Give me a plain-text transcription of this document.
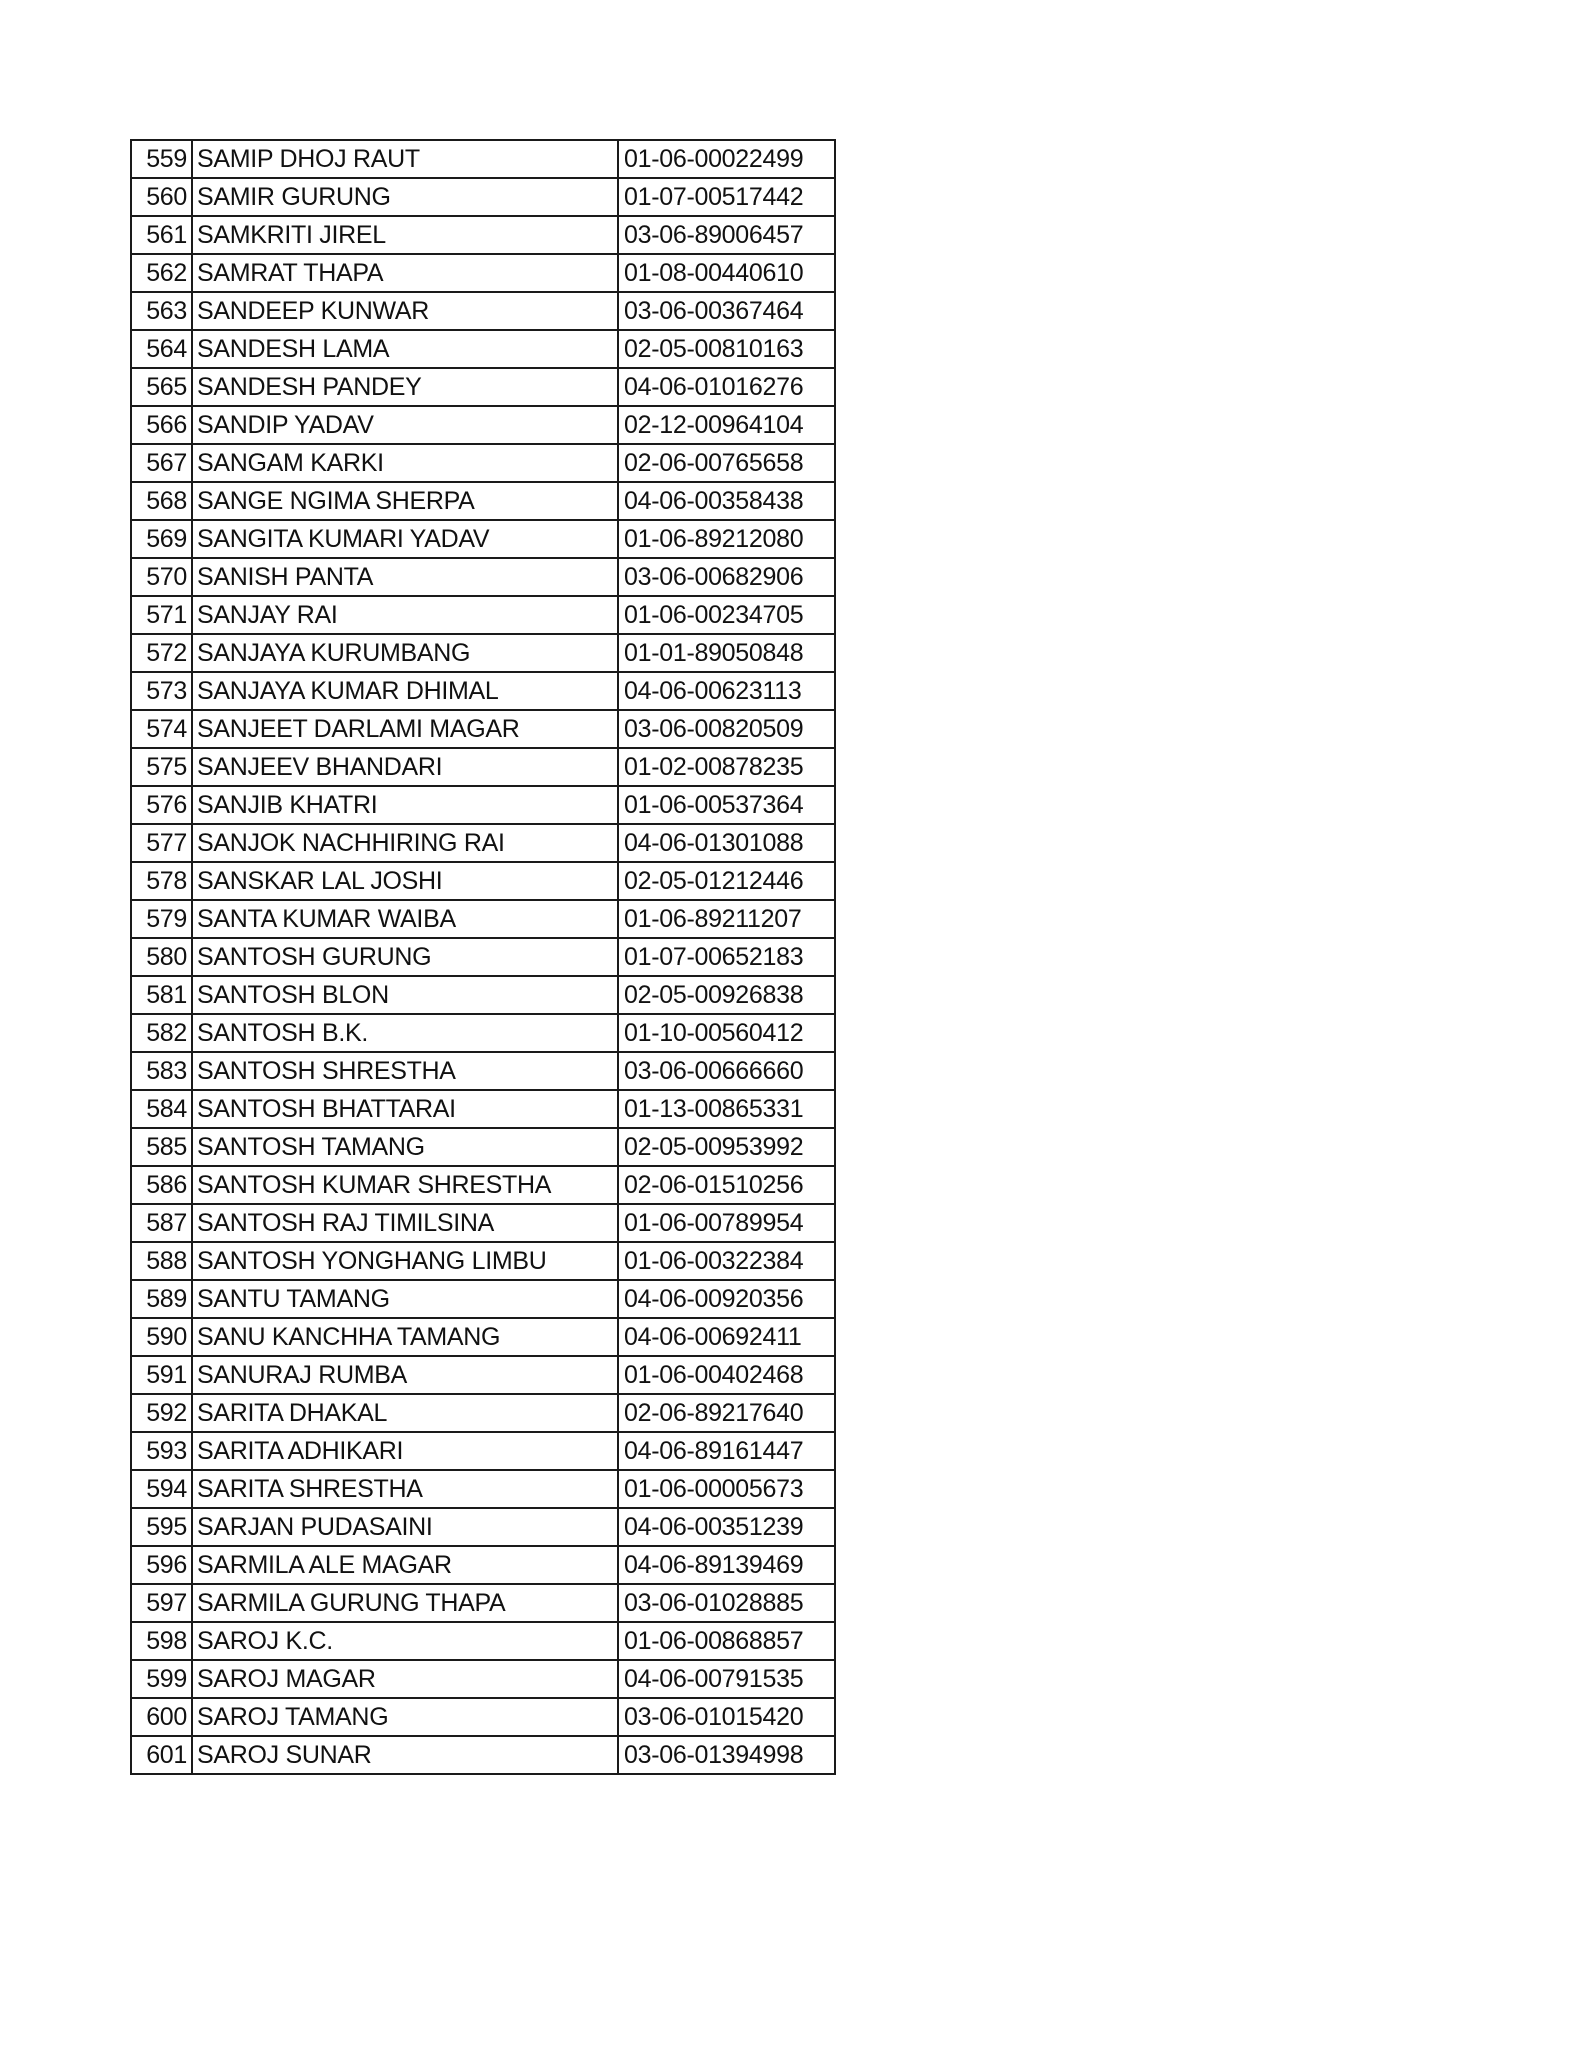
559	SAMIP DHOJ RAUT	01-06-00022499
560	SAMIR GURUNG	01-07-00517442
561	SAMKRITI JIREL	03-06-89006457
562	SAMRAT THAPA	01-08-00440610
563	SANDEEP KUNWAR	03-06-00367464
564	SANDESH LAMA	02-05-00810163
565	SANDESH PANDEY	04-06-01016276
566	SANDIP YADAV	02-12-00964104
567	SANGAM KARKI	02-06-00765658
568	SANGE NGIMA SHERPA	04-06-00358438
569	SANGITA KUMARI YADAV	01-06-89212080
570	SANISH PANTA	03-06-00682906
571	SANJAY RAI	01-06-00234705
572	SANJAYA KURUMBANG	01-01-89050848
573	SANJAYA KUMAR DHIMAL	04-06-00623113
574	SANJEET DARLAMI MAGAR	03-06-00820509
575	SANJEEV BHANDARI	01-02-00878235
576	SANJIB KHATRI	01-06-00537364
577	SANJOK NACHHIRING RAI	04-06-01301088
578	SANSKAR LAL JOSHI	02-05-01212446
579	SANTA KUMAR WAIBA	01-06-89211207
580	SANTOSH GURUNG	01-07-00652183
581	SANTOSH BLON	02-05-00926838
582	SANTOSH B.K.	01-10-00560412
583	SANTOSH SHRESTHA	03-06-00666660
584	SANTOSH BHATTARAI	01-13-00865331
585	SANTOSH TAMANG	02-05-00953992
586	SANTOSH KUMAR SHRESTHA	02-06-01510256
587	SANTOSH RAJ TIMILSINA	01-06-00789954
588	SANTOSH YONGHANG LIMBU	01-06-00322384
589	SANTU TAMANG	04-06-00920356
590	SANU KANCHHA TAMANG	04-06-00692411
591	SANURAJ RUMBA	01-06-00402468
592	SARITA DHAKAL	02-06-89217640
593	SARITA ADHIKARI	04-06-89161447
594	SARITA SHRESTHA	01-06-00005673
595	SARJAN PUDASAINI	04-06-00351239
596	SARMILA ALE MAGAR	04-06-89139469
597	SARMILA GURUNG THAPA	03-06-01028885
598	SAROJ K.C.	01-06-00868857
599	SAROJ MAGAR	04-06-00791535
600	SAROJ TAMANG	03-06-01015420
601	SAROJ SUNAR	03-06-01394998
